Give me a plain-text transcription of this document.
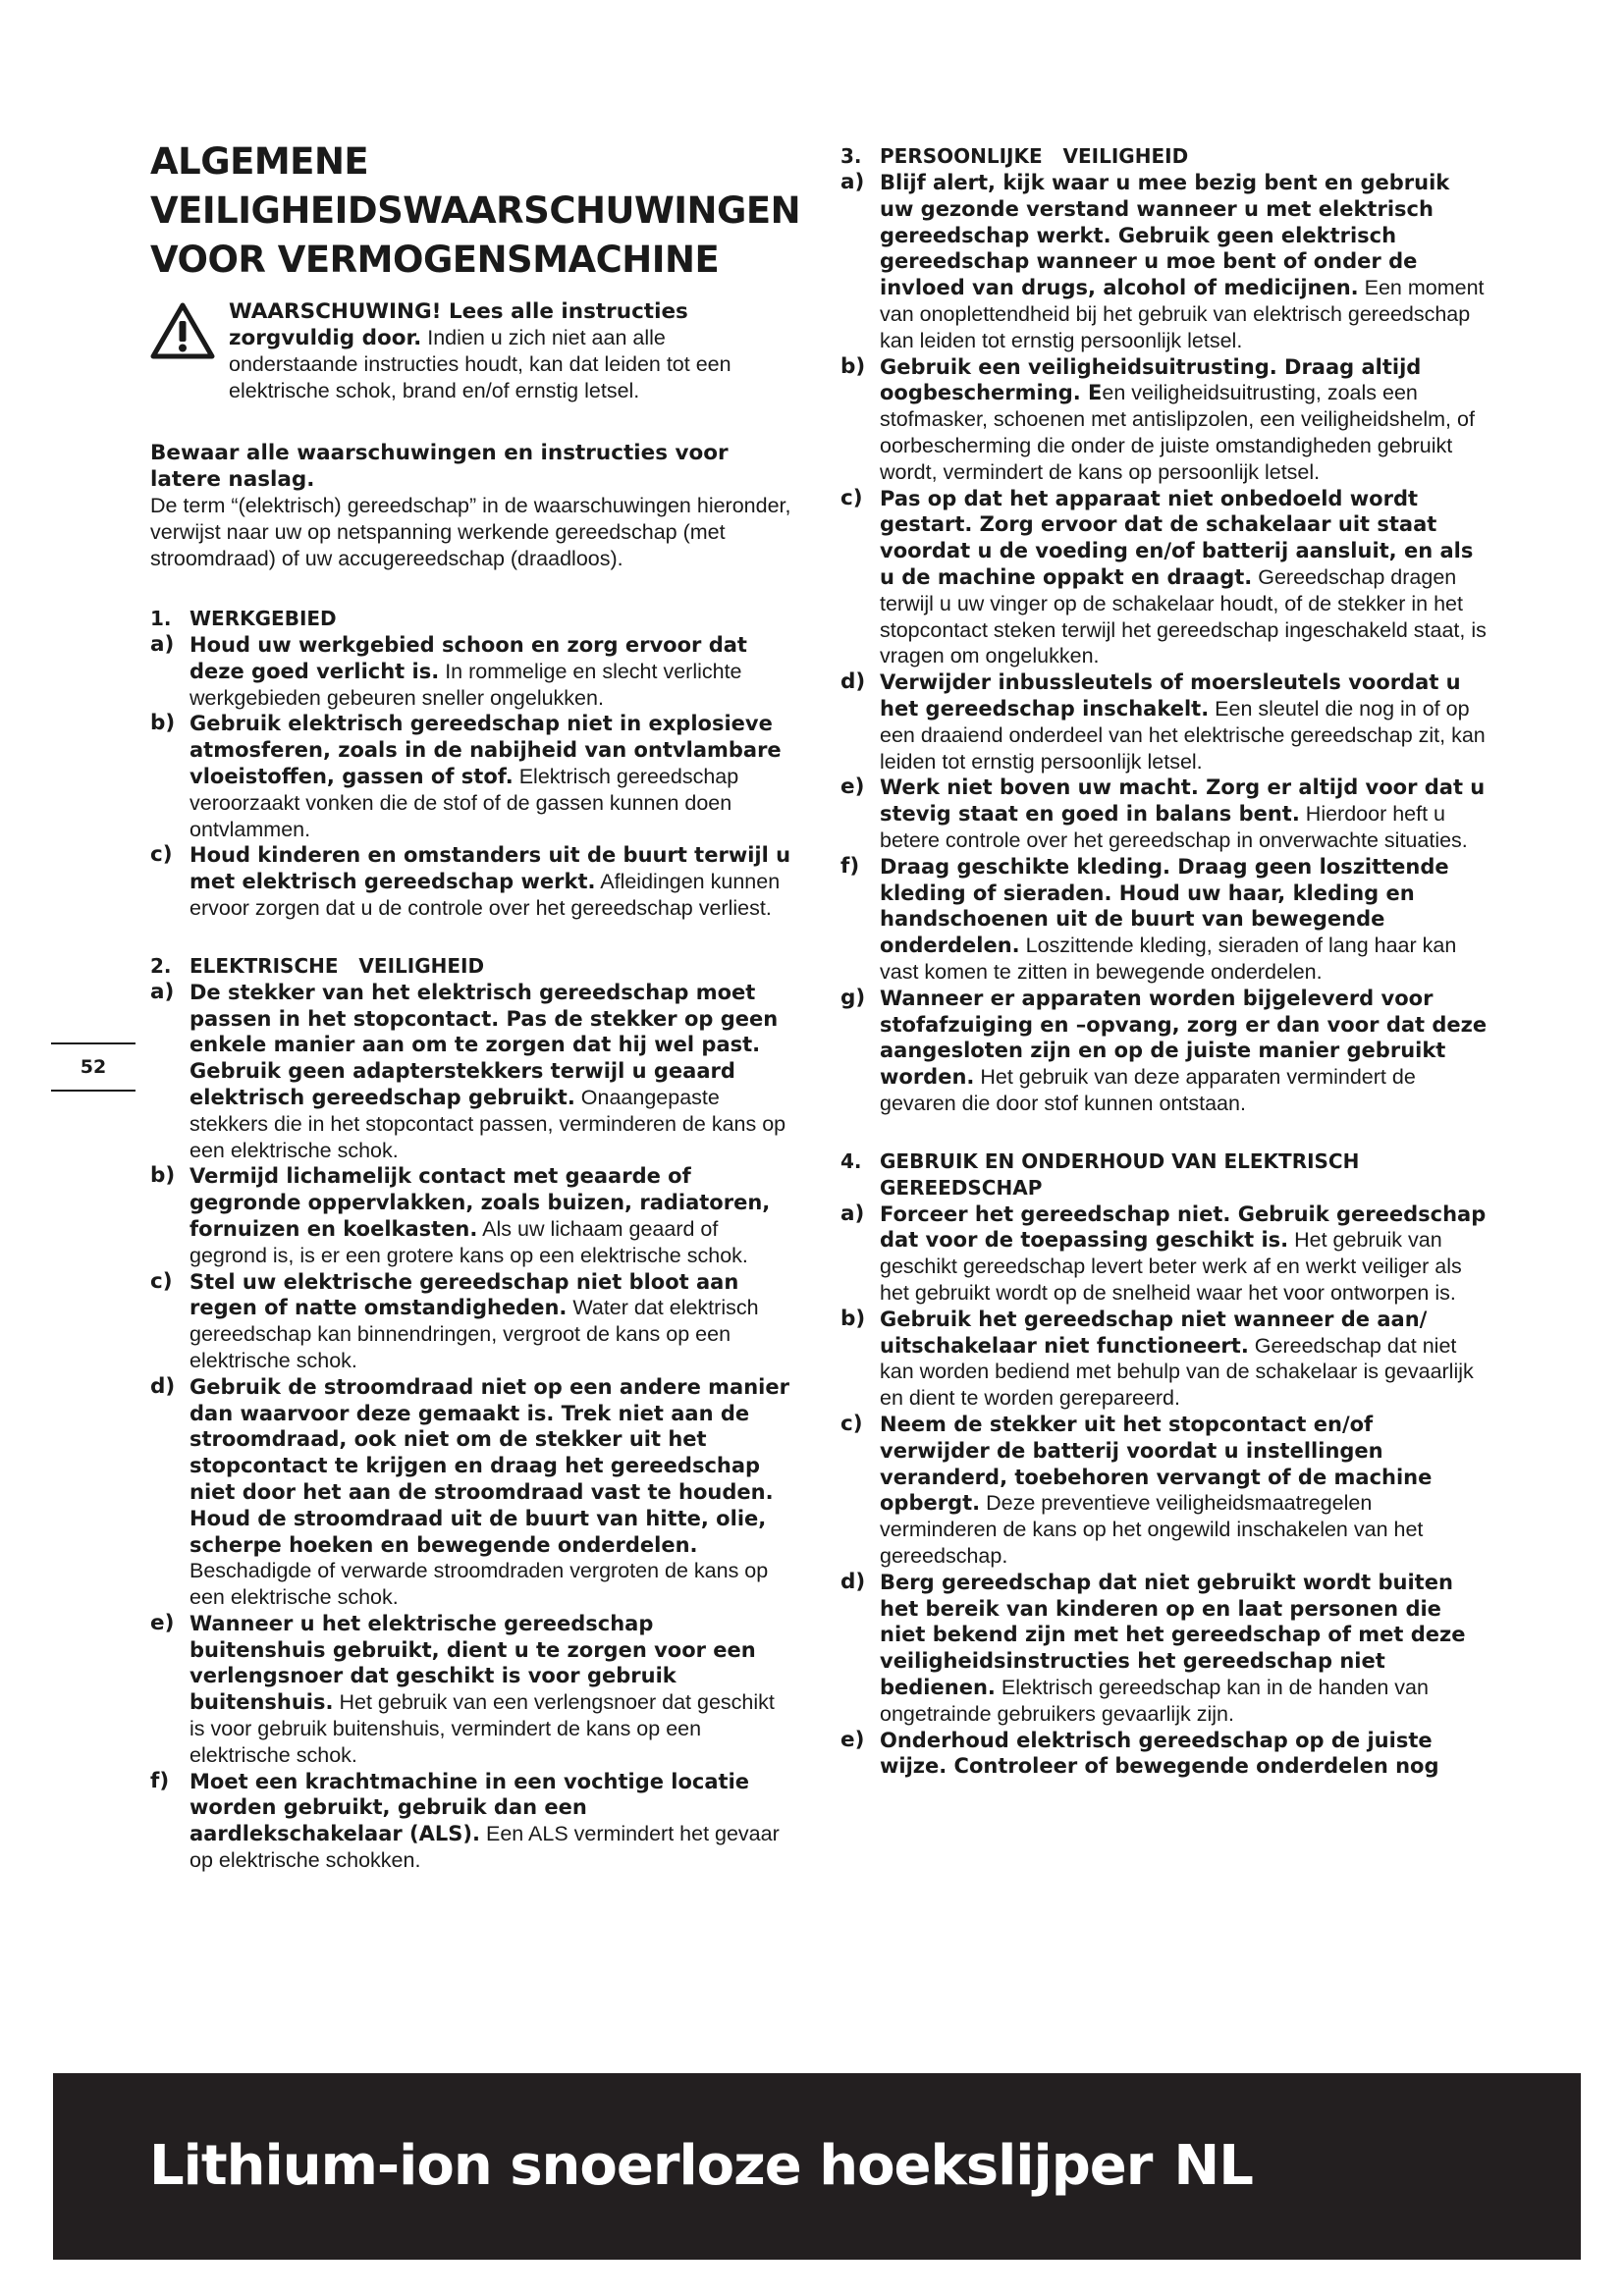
ALGEMENE
VEILIGHEIDSWAARSCHUWINGEN
VOOR VERMOGENSMACHINE

WAARSCHUWING! Lees alle instructies zorgvuldig door. Indien u zich niet aan alle onderstaande instructies houdt, kan dat leiden tot een elektrische schok, brand en/of ernstig letsel.

Bewaar alle waarschuwingen en instructies voor latere naslag.

De term “(elektrisch) gereedschap” in de waarschuwingen hieronder, verwijst naar uw op netspanning werkende gereedschap (met stroomdraad) of uw accugereedschap (draadloos).

1. WERKGEBIED
a) Houd uw werkgebied schoon en zorg ervoor dat deze goed verlicht is. In rommelige en slecht verlichte werkgebieden gebeuren sneller ongelukken.
b) Gebruik elektrisch gereedschap niet in explosieve atmosferen, zoals in de nabijheid van ontvlambare vloeistoffen, gassen of stof. Elektrisch gereedschap veroorzaakt vonken die de stof of de gassen kunnen doen ontvlammen.
c) Houd kinderen en omstanders uit de buurt terwijl u met elektrisch gereedschap werkt. Afleidingen kunnen ervoor zorgen dat u de controle over het gereedschap verliest.
2. ELEKTRISCHE   VEILIGHEID
a) De stekker van het elektrisch gereedschap moet passen in het stopcontact. Pas de stekker op geen enkele manier aan om te zorgen dat hij wel past. Gebruik geen adapterstekkers terwijl u geaard elektrisch gereedschap gebruikt. Onaangepaste stekkers die in het stopcontact passen, verminderen de kans op een elektrische schok.
b) Vermijd lichamelijk contact met geaarde of gegronde oppervlakken, zoals buizen, radiatoren, fornuizen en koelkasten. Als uw lichaam geaard of gegrond is, is er een grotere kans op een elektrische schok.
c) Stel uw elektrische gereedschap niet bloot aan regen of natte omstandigheden. Water dat elektrisch gereedschap kan binnendringen, vergroot de kans op een elektrische schok.
d) Gebruik de stroomdraad niet op een andere manier dan waarvoor deze gemaakt is. Trek niet aan de stroomdraad, ook niet om de stekker uit het stopcontact te krijgen en draag het gereedschap niet door het aan de stroomdraad vast te houden. Houd de stroomdraad uit de buurt van hitte, olie, scherpe hoeken en bewegende onderdelen. Beschadigde of verwarde stroomdraden vergroten de kans op een elektrische schok.
e) Wanneer u het elektrische gereedschap buitenshuis gebruikt, dient u te zorgen voor een verlengsnoer dat geschikt is voor gebruik buitenshuis. Het gebruik van een verlengsnoer dat geschikt is voor gebruik buitenshuis, vermindert de kans op een elektrische schok.
f) Moet een krachtmachine in een vochtige locatie worden gebruikt, gebruik dan een aardlekschakelaar (ALS). Een ALS vermindert het gevaar op elektrische schokken.
3. PERSOONLIJKE   VEILIGHEID
a) Blijf alert, kijk waar u mee bezig bent en gebruik uw gezonde verstand wanneer u met elektrisch gereedschap werkt. Gebruik geen elektrisch gereedschap wanneer u moe bent of onder de invloed van drugs, alcohol of medicijnen. Een moment van onoplettendheid bij het gebruik van elektrisch gereedschap kan leiden tot ernstig persoonlijk letsel.
b) Gebruik een veiligheidsuitrusting. Draag altijd oogbescherming. Een veiligheidsuitrusting, zoals een stofmasker, schoenen met antislipzolen, een veiligheidshelm, of oorbescherming die onder de juiste omstandigheden gebruikt wordt, vermindert de kans op persoonlijk letsel.
c) Pas op dat het apparaat niet onbedoeld wordt gestart. Zorg ervoor dat de schakelaar uit staat voordat u de voeding en/of batterij aansluit, en als u de machine oppakt en draagt. Gereedschap dragen terwijl u uw vinger op de schakelaar houdt, of de stekker in het stopcontact steken terwijl het gereedschap ingeschakeld staat, is vragen om ongelukken.
d) Verwijder inbussleutels of moersleutels voordat u het gereedschap inschakelt. Een sleutel die nog in of op een draaiend onderdeel van het elektrische gereedschap zit, kan leiden tot ernstig persoonlijk letsel.
e) Werk niet boven uw macht. Zorg er altijd voor dat u stevig staat en goed in balans bent. Hierdoor heft u betere controle over het gereedschap in onverwachte situaties.
f) Draag geschikte kleding. Draag geen loszittende kleding of sieraden. Houd uw haar, kleding en handschoenen uit de buurt van bewegende onderdelen. Loszittende kleding, sieraden of lang haar kan vast komen te zitten in bewegende onderdelen.
g) Wanneer er apparaten worden bijgeleverd voor stofafzuiging en –opvang, zorg er dan voor dat deze aangesloten zijn en op de juiste manier gebruikt worden. Het gebruik van deze apparaten vermindert de gevaren die door stof kunnen ontstaan.
4. GEBRUIK EN ONDERHOUD VAN ELEKTRISCH GEREEDSCHAP
a) Forceer het gereedschap niet. Gebruik gereedschap dat voor de toepassing geschikt is. Het gebruik van geschikt gereedschap levert beter werk af en werkt veiliger als het gebruikt wordt op de snelheid waar het voor ontworpen is.
b) Gebruik het gereedschap niet wanneer de aan/ uitschakelaar niet functioneert. Gereedschap dat niet kan worden bediend met behulp van de schakelaar is gevaarlijk en dient te worden gerepareerd.
c) Neem de stekker uit het stopcontact en/of verwijder de batterij voordat u instellingen veranderd, toebehoren vervangt of de machine opbergt. Deze preventieve veiligheidsmaatregelen verminderen de kans op het ongewild inschakelen van het gereedschap.
d) Berg gereedschap dat niet gebruikt wordt buiten het bereik van kinderen op en laat personen die niet bekend zijn met het gereedschap of met deze veiligheidsinstructies het gereedschap niet bedienen. Elektrisch gereedschap kan in de handen van ongetrainde gebruikers gevaarlijk zijn.
e) Onderhoud elektrisch gereedschap op de juiste wijze. Controleer of bewegende onderdelen nog
52
Lithium-ion snoerloze hoekslijper NL
